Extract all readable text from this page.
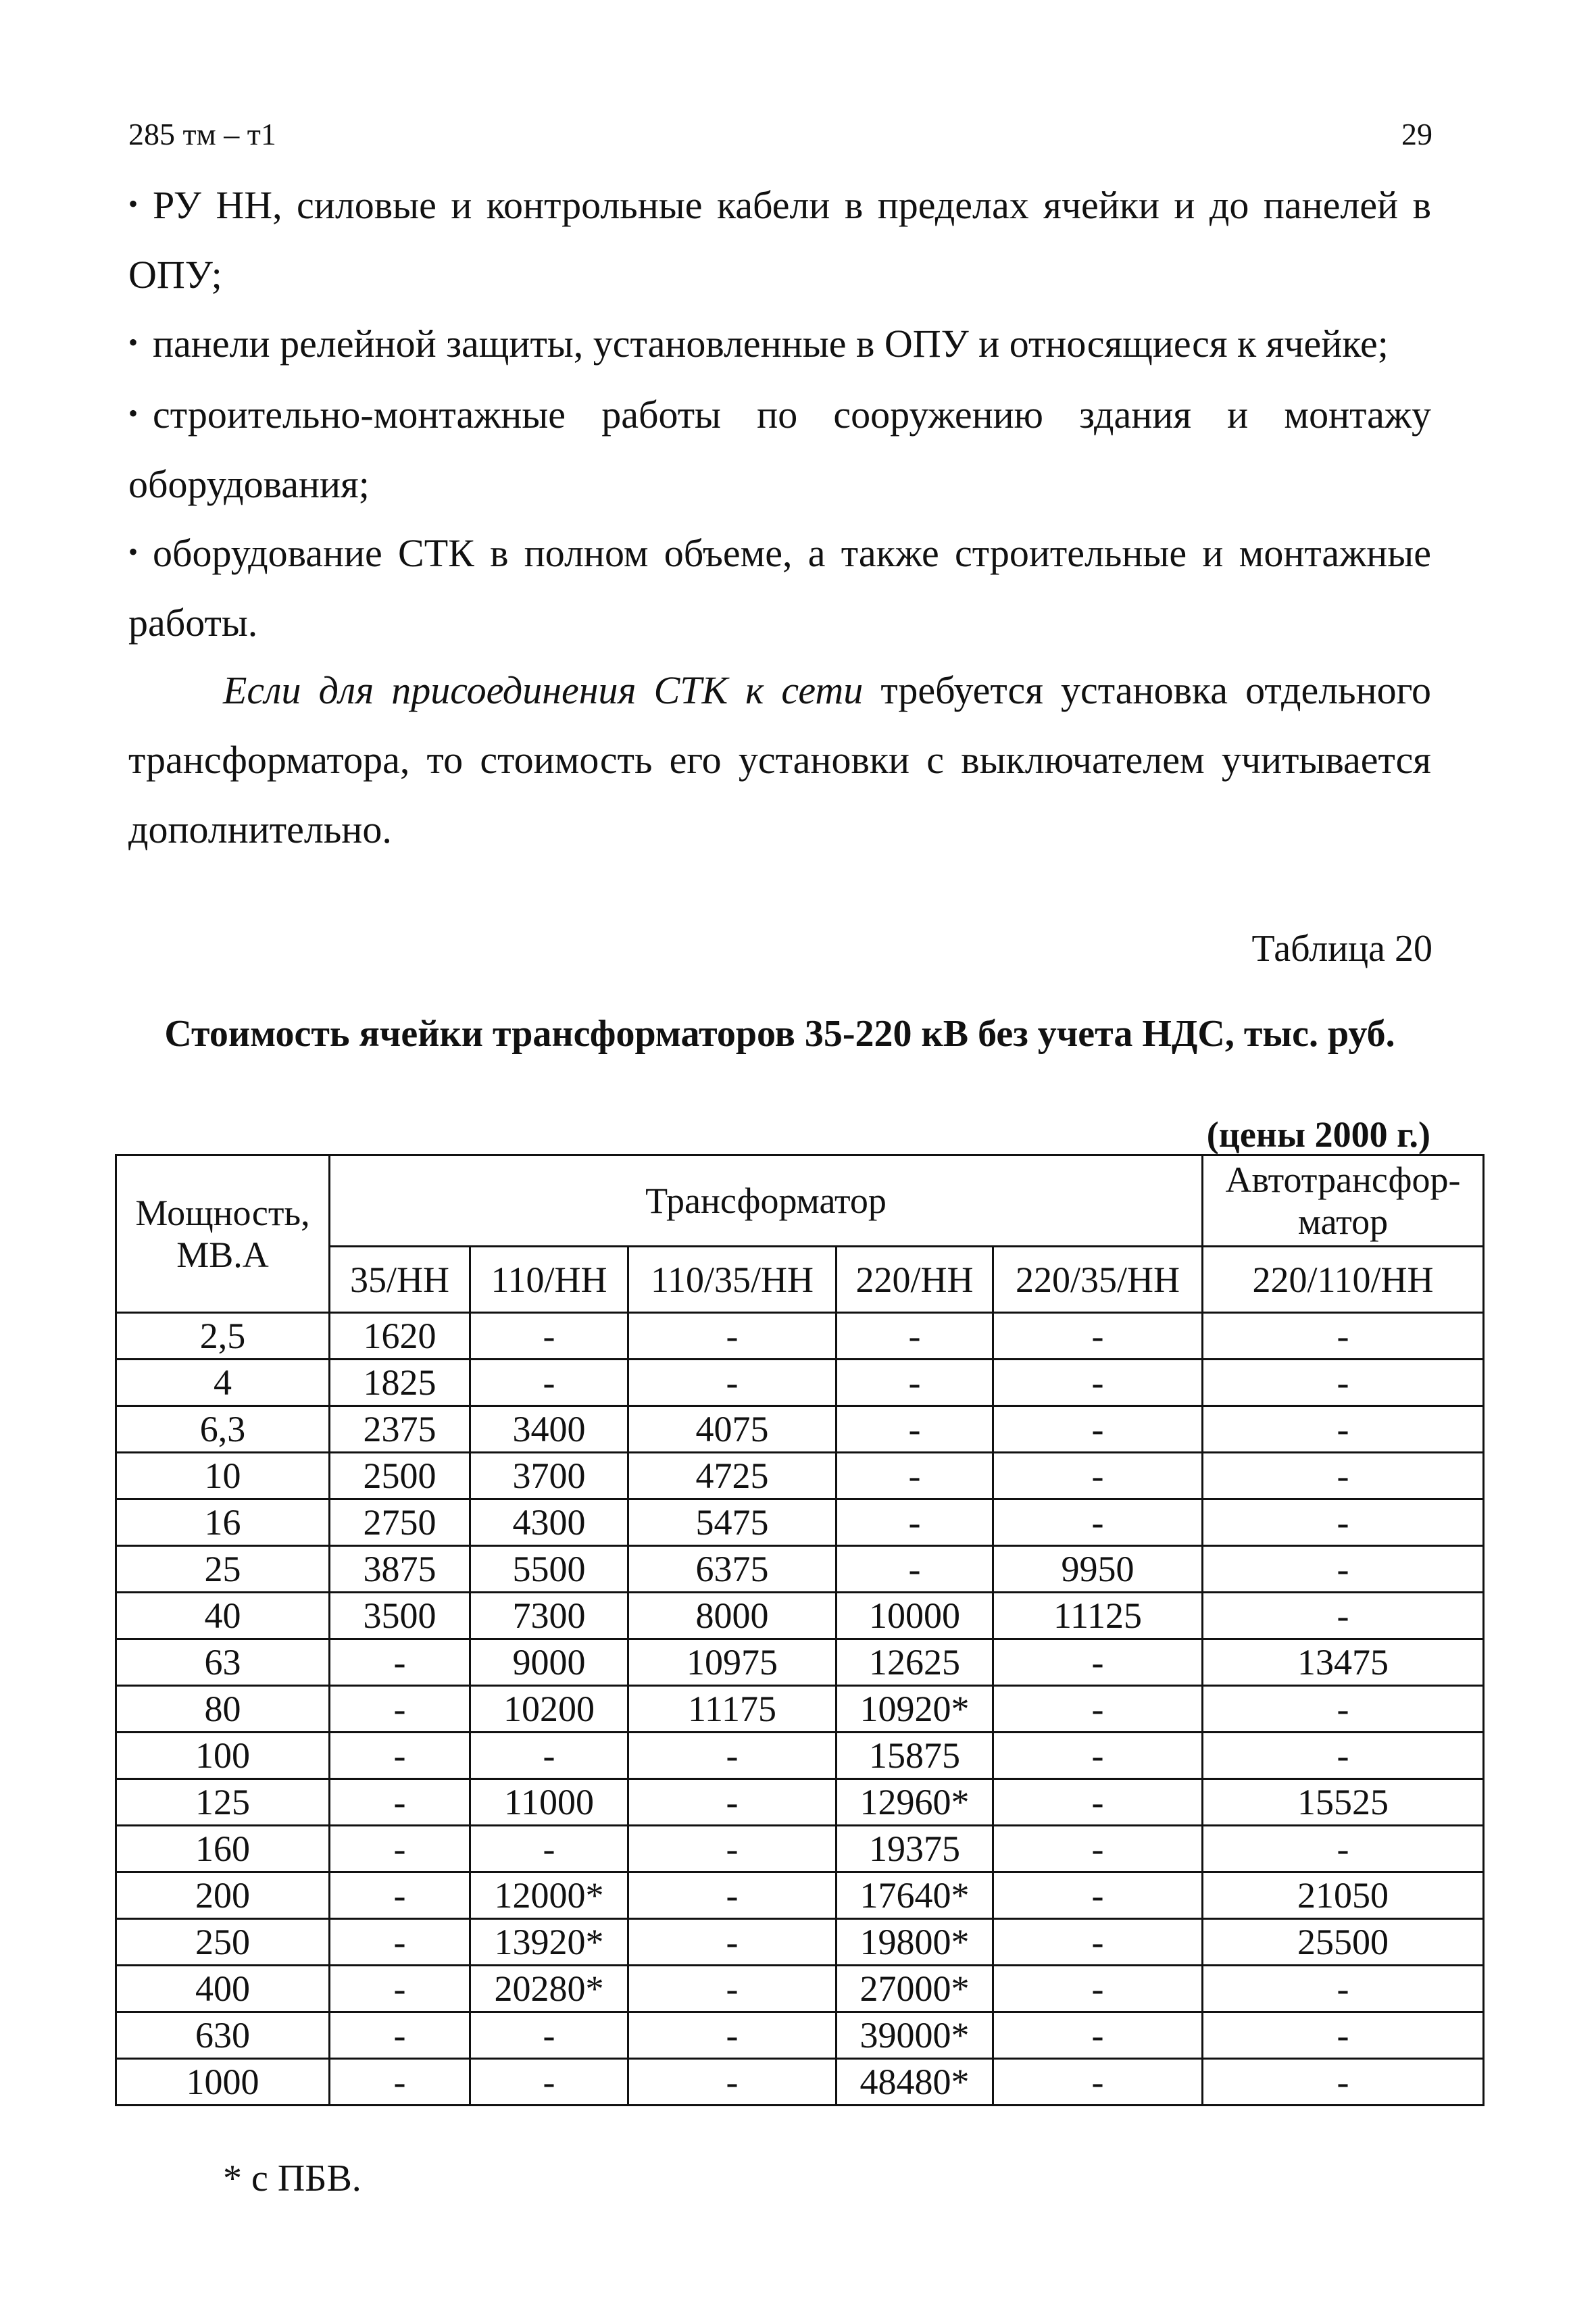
285 тм – т1	29
• РУ НН, силовые и контрольные кабели в пределах ячейки и до панелей в ОПУ;
• панели релейной защиты, установленные в ОПУ и относящиеся к ячейке;
• строительно-монтажные работы по сооружению здания и монтажу оборудования;
• оборудование СТК в полном объеме, а также строительные и монтажные работы.
Если для присоединения СТК к сети требуется установка отдельного трансформатора, то стоимость его установки с выключателем учитывается дополнительно.
Таблица 20
Стоимость ячейки трансформаторов 35-220 кВ без учета НДС, тыс. руб.
(цены 2000 г.)
Мощность, МВ.А	Трансформатор					Автотрансфор-матор
	35/НН	110/НН	110/35/НН	220/НН	220/35/НН	220/110/НН
2,5	1620	-	-	-	-	-
4	1825	-	-	-	-	-
6,3	2375	3400	4075	-	-	-
10	2500	3700	4725	-	-	-
16	2750	4300	5475	-	-	-
25	3875	5500	6375	-	9950	-
40	3500	7300	8000	10000	11125	-
63	-	9000	10975	12625	-	13475
80	-	10200	11175	10920*	-	-
100	-	-	-	15875	-	-
125	-	11000	-	12960*	-	15525
160	-	-	-	19375	-	-
200	-	12000*	-	17640*	-	21050
250	-	13920*	-	19800*	-	25500
400	-	20280*	-	27000*	-	-
630	-	-	-	39000*	-	-
1000	-	-	-	48480*	-	-
* с ПБВ.
